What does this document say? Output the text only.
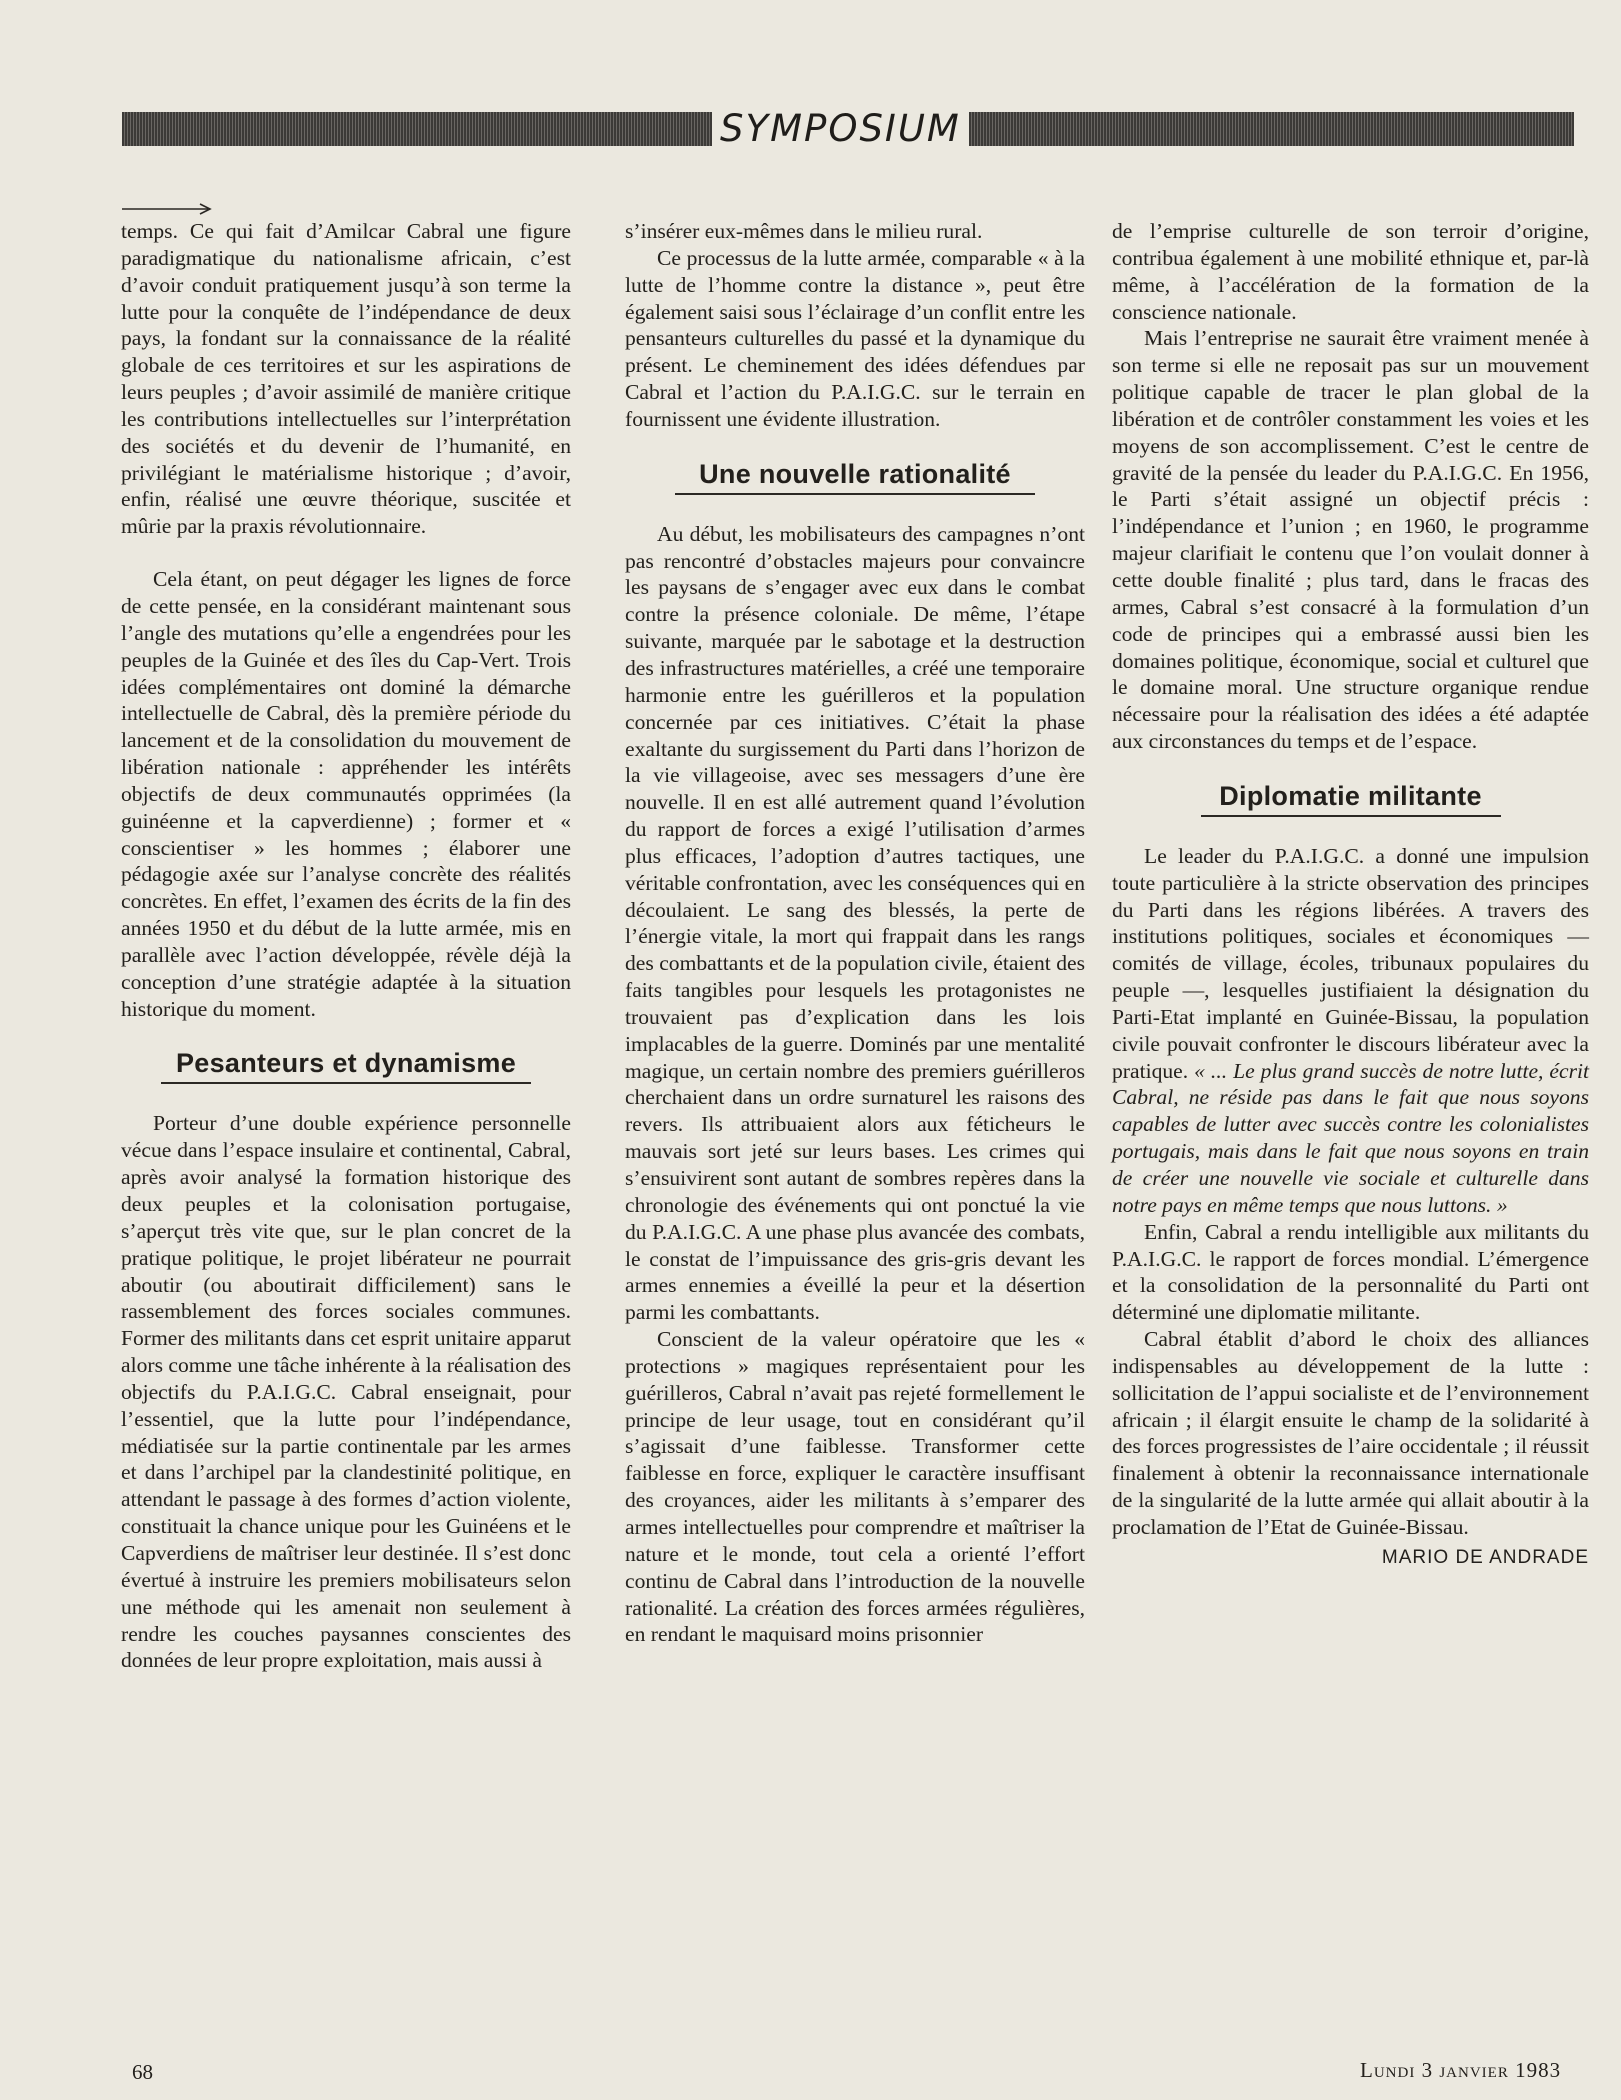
SYMPOSIUM

temps. Ce qui fait d’Amilcar Cabral une figure paradigmatique du nationalisme africain, c’est d’avoir conduit pratiquement jusqu’à son terme la lutte pour la conquête de l’indépendance de deux pays, la fondant sur la connaissance de la réalité globale de ces territoires et sur les aspirations de leurs peuples ; d’avoir assimilé de manière critique les contributions intellectuelles sur l’interprétation des sociétés et du devenir de l’humanité, en privilégiant le matérialisme historique ; d’avoir, enfin, réalisé une œuvre théorique, suscitée et mûrie par la praxis révolutionnaire.

Cela étant, on peut dégager les lignes de force de cette pensée, en la considérant maintenant sous l’angle des mutations qu’elle a engendrées pour les peuples de la Guinée et des îles du Cap-Vert. Trois idées complémentaires ont dominé la démarche intellectuelle de Cabral, dès la première période du lancement et de la consolidation du mouvement de libération nationale : appréhender les intérêts objectifs de deux communautés opprimées (la guinéenne et la capverdienne) ; former et « conscientiser » les hommes ; élaborer une pédagogie axée sur l’analyse concrète des réalités concrètes. En effet, l’examen des écrits de la fin des années 1950 et du début de la lutte armée, mis en parallèle avec l’action développée, révèle déjà la conception d’une stratégie adaptée à la situation historique du moment.

Pesanteurs et dynamisme

Porteur d’une double expérience personnelle vécue dans l’espace insulaire et continental, Cabral, après avoir analysé la formation historique des deux peuples et la colonisation portugaise, s’aperçut très vite que, sur le plan concret de la pratique politique, le projet libérateur ne pourrait aboutir (ou aboutirait difficilement) sans le rassemblement des forces sociales communes. Former des militants dans cet esprit unitaire apparut alors comme une tâche inhérente à la réalisation des objectifs du P.A.I.G.C. Cabral enseignait, pour l’essentiel, que la lutte pour l’indépendance, médiatisée sur la partie continentale par les armes et dans l’archipel par la clandestinité politique, en attendant le passage à des formes d’action violente, constituait la chance unique pour les Guinéens et le Capverdiens de maîtriser leur destinée. Il s’est donc évertué à instruire les premiers mobilisateurs selon une méthode qui les amenait non seulement à rendre les couches paysannes conscientes des données de leur propre exploitation, mais aussi à

s’insérer eux-mêmes dans le milieu rural.

Ce processus de la lutte armée, comparable « à la lutte de l’homme contre la distance », peut être également saisi sous l’éclairage d’un conflit entre les pensanteurs culturelles du passé et la dynamique du présent. Le cheminement des idées défendues par Cabral et l’action du P.A.I.G.C. sur le terrain en fournissent une évidente illustration.

Une nouvelle rationalité

Au début, les mobilisateurs des campagnes n’ont pas rencontré d’obstacles majeurs pour convaincre les paysans de s’engager avec eux dans le combat contre la présence coloniale. De même, l’étape suivante, marquée par le sabotage et la destruction des infrastructures matérielles, a créé une temporaire harmonie entre les guérilleros et la population concernée par ces initiatives. C’était la phase exaltante du surgissement du Parti dans l’horizon de la vie villageoise, avec ses messagers d’une ère nouvelle. Il en est allé autrement quand l’évolution du rapport de forces a exigé l’utilisation d’armes plus efficaces, l’adoption d’autres tactiques, une véritable confrontation, avec les conséquences qui en découlaient. Le sang des blessés, la perte de l’énergie vitale, la mort qui frappait dans les rangs des combattants et de la population civile, étaient des faits tangibles pour lesquels les protagonistes ne trouvaient pas d’explication dans les lois implacables de la guerre. Dominés par une mentalité magique, un certain nombre des premiers guérilleros cherchaient dans un ordre surnaturel les raisons des revers. Ils attribuaient alors aux féticheurs le mauvais sort jeté sur leurs bases. Les crimes qui s’ensuivirent sont autant de sombres repères dans la chronologie des événements qui ont ponctué la vie du P.A.I.G.C. A une phase plus avancée des combats, le constat de l’impuissance des gris-gris devant les armes ennemies a éveillé la peur et la désertion parmi les combattants.

Conscient de la valeur opératoire que les « protections » magiques représentaient pour les guérilleros, Cabral n’avait pas rejeté formellement le principe de leur usage, tout en considérant qu’il s’agissait d’une faiblesse. Transformer cette faiblesse en force, expliquer le caractère insuffisant des croyances, aider les militants à s’emparer des armes intellectuelles pour comprendre et maîtriser la nature et le monde, tout cela a orienté l’effort continu de Cabral dans l’introduction de la nouvelle rationalité. La création des forces armées régulières, en rendant le maquisard moins prisonnier

de l’emprise culturelle de son terroir d’origine, contribua également à une mobilité ethnique et, par-là même, à l’accélération de la formation de la conscience nationale.

Mais l’entreprise ne saurait être vraiment menée à son terme si elle ne reposait pas sur un mouvement politique capable de tracer le plan global de la libération et de contrôler constamment les voies et les moyens de son accomplissement. C’est le centre de gravité de la pensée du leader du P.A.I.G.C. En 1956, le Parti s’était assigné un objectif précis : l’indépendance et l’union ; en 1960, le programme majeur clarifiait le contenu que l’on voulait donner à cette double finalité ; plus tard, dans le fracas des armes, Cabral s’est consacré à la formulation d’un code de principes qui a embrassé aussi bien les domaines politique, économique, social et culturel que le domaine moral. Une structure organique rendue nécessaire pour la réalisation des idées a été adaptée aux circonstances du temps et de l’espace.

Diplomatie militante

Le leader du P.A.I.G.C. a donné une impulsion toute particulière à la stricte observation des principes du Parti dans les régions libérées. A travers des institutions politiques, sociales et économiques — comités de village, écoles, tribunaux populaires du peuple —, lesquelles justifiaient la désignation du Parti-Etat implanté en Guinée-Bissau, la population civile pouvait confronter le discours libérateur avec la pratique. « ... Le plus grand succès de notre lutte, écrit Cabral, ne réside pas dans le fait que nous soyons capables de lutter avec succès contre les colonialistes portugais, mais dans le fait que nous soyons en train de créer une nouvelle vie sociale et culturelle dans notre pays en même temps que nous luttons. »

Enfin, Cabral a rendu intelligible aux militants du P.A.I.G.C. le rapport de forces mondial. L’émergence et la consolidation de la personnalité du Parti ont déterminé une diplomatie militante.

Cabral établit d’abord le choix des alliances indispensables au développement de la lutte : sollicitation de l’appui socialiste et de l’environnement africain ; il élargit ensuite le champ de la solidarité à des forces progressistes de l’aire occidentale ; il réussit finalement à obtenir la reconnaissance internationale de la singularité de la lutte armée qui allait aboutir à la proclamation de l’Etat de Guinée-Bissau.

MARIO DE ANDRADE
68	Lundi 3 janvier 1983
